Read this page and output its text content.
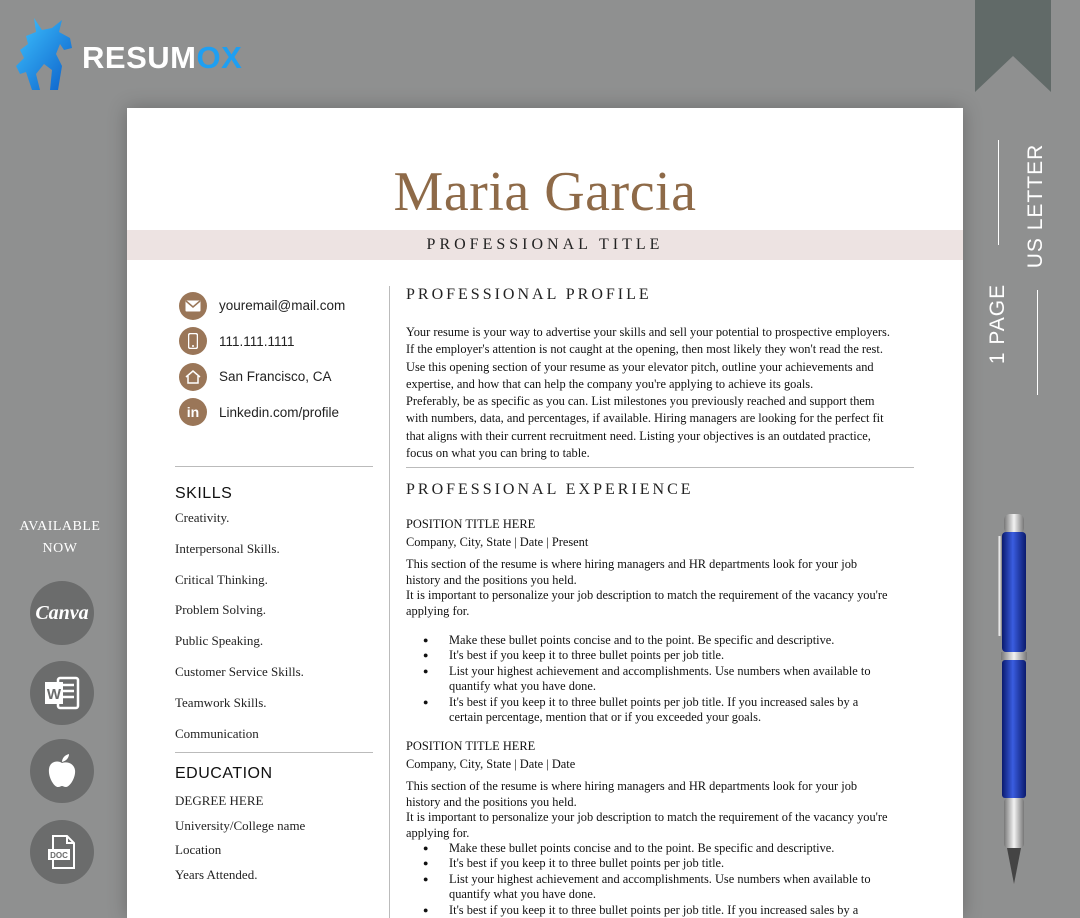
RESUMOX
US LETTER
1 PAGE
AVAILABLE
NOW
Canva
W
DOC
Maria Garcia
PROFESSIONAL TITLE
youremail@mail.com
111.111.1111
San Francisco, CA
in	Linkedin.com/profile
SKILLS
Creativity.
Interpersonal Skills.
Critical Thinking.
Problem Solving.
Public Speaking.
Customer Service Skills.
Teamwork Skills.
Communication
EDUCATION
DEGREE HERE
University/College name
Location
Years Attended.
PROFESSIONAL PROFILE
Your resume is your way to advertise your skills and sell your potential to prospective employers.
If the employer's attention is not caught at the opening, then most likely they won't read the rest.
Use this opening section of your resume as your elevator pitch, outline your achievements and
expertise, and how that can help the company you're applying to achieve its goals.
Preferably, be as specific as you can. List milestones you previously reached and support them
with numbers, data, and percentages, if available. Hiring managers are looking for the perfect fit
that aligns with their current recruitment need. Listing your objectives is an outdated practice,
focus on what you can bring to table.
PROFESSIONAL EXPERIENCE
POSITION TITLE HERE
Company, City, State | Date | Present
This section of the resume is where hiring managers and HR departments look for your job
history and the positions you held.
It is important to personalize your job description to match the requirement of the vacancy you're
applying for.
● Make these bullet points concise and to the point. Be specific and descriptive.
● It's best if you keep it to three bullet points per job title.
● List your highest achievement and accomplishments. Use numbers when available to
quantify what you have done.
● It's best if you keep it to three bullet points per job title. If you increased sales by a
certain percentage, mention that or if you exceeded your goals.
POSITION TITLE HERE
Company, City, State | Date | Date
This section of the resume is where hiring managers and HR departments look for your job
history and the positions you held.
It is important to personalize your job description to match the requirement of the vacancy you're
applying for.
● Make these bullet points concise and to the point. Be specific and descriptive.
● It's best if you keep it to three bullet points per job title.
● List your highest achievement and accomplishments. Use numbers when available to
quantify what you have done.
● It's best if you keep it to three bullet points per job title. If you increased sales by a
